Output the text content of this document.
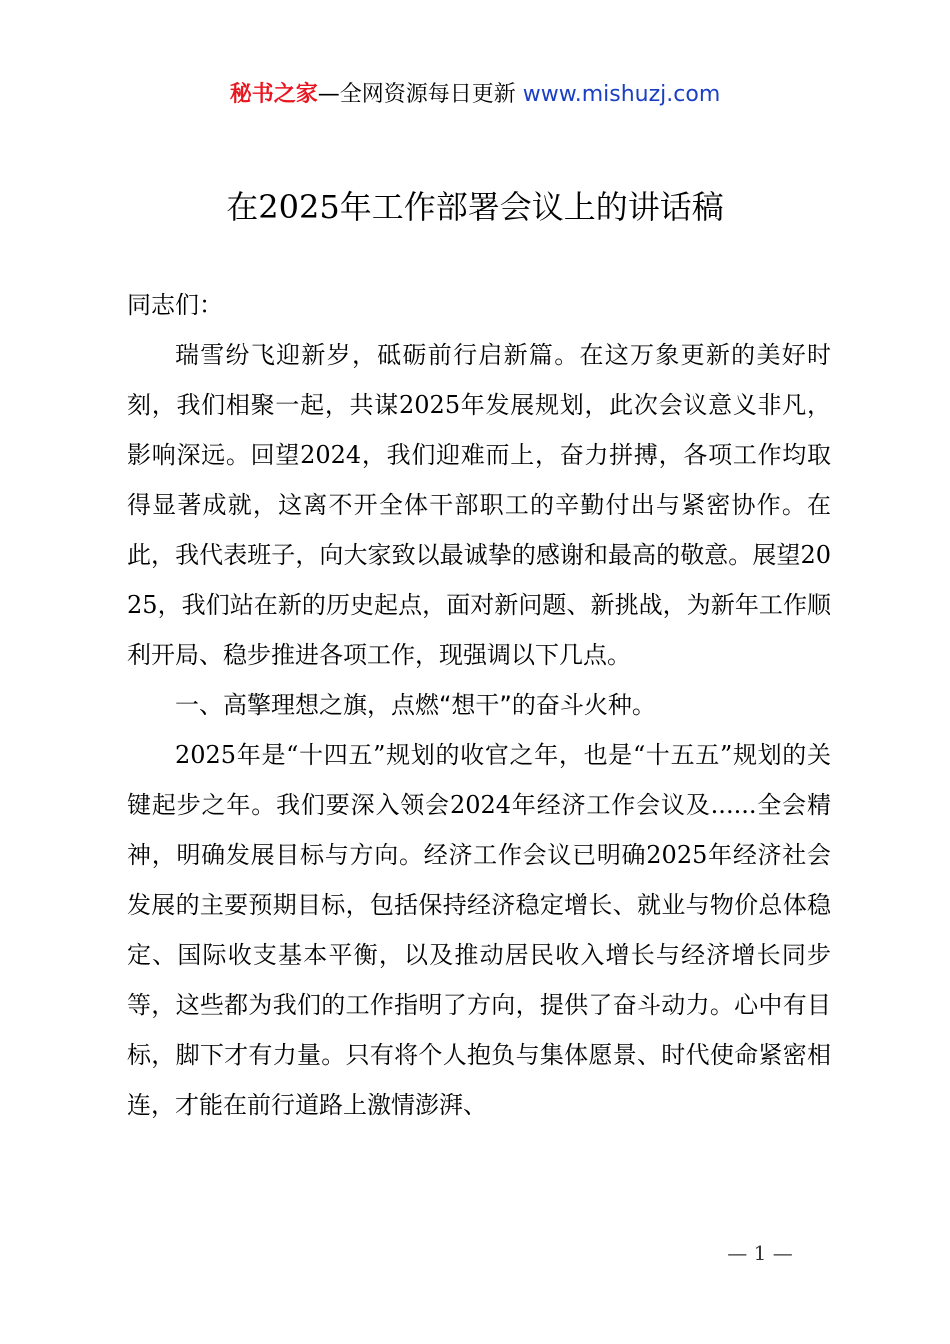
秘书之家—全网资源每日更新 www.mishuzj.com
在2025年工作部署会议上的讲话稿

同志们：

瑞雪纷飞迎新岁，砥砺前行启新篇。在这万象更新的美好时刻，我们相聚一起，共谋2025年发展规划，此次会议意义非凡，影响深远。回望2024，我们迎难而上，奋力拼搏，各项工作均取得显著成就，这离不开全体干部职工的辛勤付出与紧密协作。在此，我代表班子，向大家致以最诚挚的感谢和最高的敬意。展望2025，我们站在新的历史起点，面对新问题、新挑战，为新年工作顺利开局、稳步推进各项工作，现强调以下几点。

一、高擎理想之旗，点燃“想干”的奋斗火种。

2025年是“十四五”规划的收官之年，也是“十五五”规划的关键起步之年。我们要深入领会2024年经济工作会议及......全会精神，明确发展目标与方向。经济工作会议已明确2025年经济社会发展的主要预期目标，包括保持经济稳定增长、就业与物价总体稳定、国际收支基本平衡，以及推动居民收入增长与经济增长同步等，这些都为我们的工作指明了方向，提供了奋斗动力。心中有目标，脚下才有力量。只有将个人抱负与集体愿景、时代使命紧密相连，才能在前行道路上激情澎湃、

— 1 —
